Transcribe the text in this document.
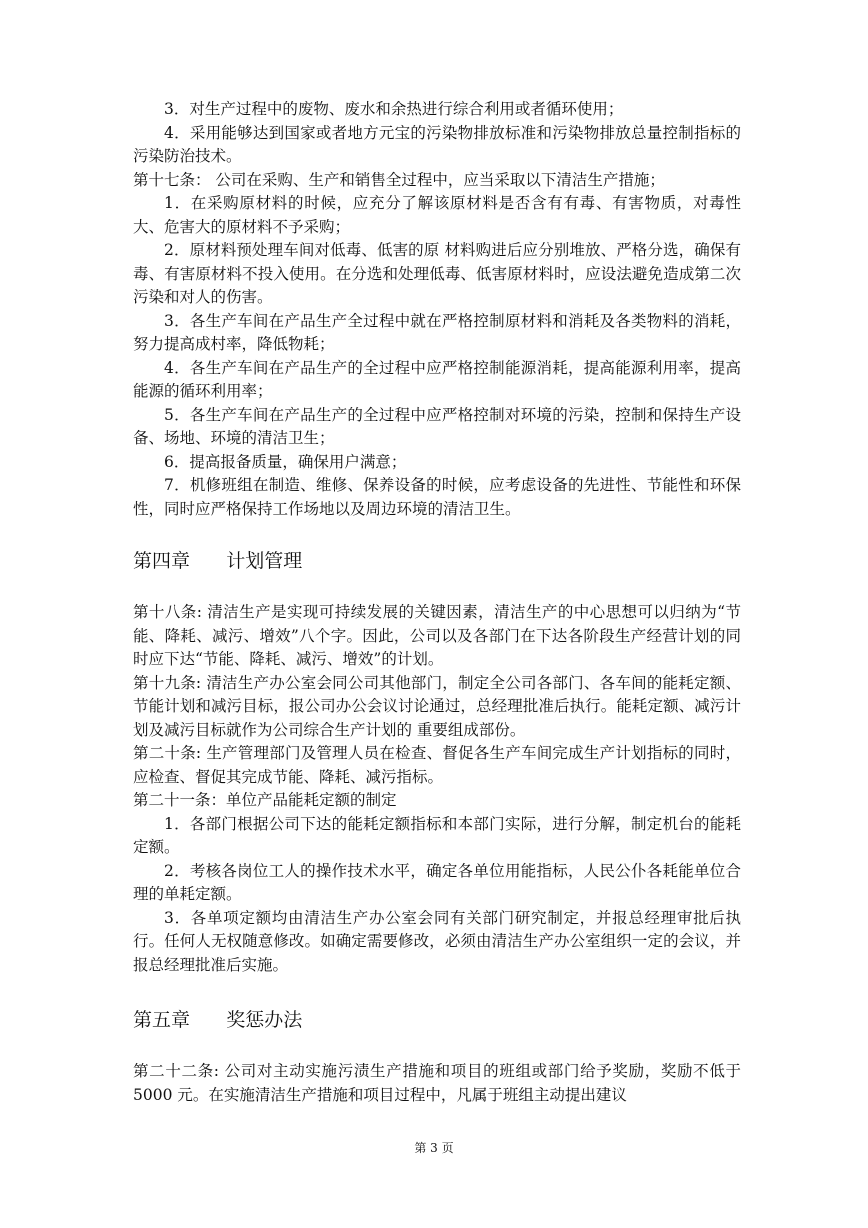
3．对生产过程中的废物、废水和余热进行综合利用或者循环使用；

4．采用能够达到国家或者地方元宝的污染物排放标准和污染物排放总量控制指标的污染防治技术。

第十七条： 公司在采购、生产和销售全过程中，应当采取以下清洁生产措施；

1．在采购原材料的时候，应充分了解该原材料是否含有有毒、有害物质，对毒性大、危害大的原材料不予采购；

2．原材料预处理车间对低毒、低害的原 材料购进后应分别堆放、严格分选，确保有毒、有害原材料不投入使用。在分选和处理低毒、低害原材料时，应设法避免造成第二次污染和对人的伤害。

3．各生产车间在产品生产全过程中就在严格控制原材料和消耗及各类物料的消耗，努力提高成村率，降低物耗；

4．各生产车间在产品生产的全过程中应严格控制能源消耗，提高能源利用率，提高能源的循环利用率；

5．各生产车间在产品生产的全过程中应严格控制对环境的污染，控制和保持生产设备、场地、环境的清洁卫生；

6．提高报备质量，确保用户满意；

7．机修班组在制造、维修、保养设备的时候，应考虑设备的先进性、节能性和环保性，同时应严格保持工作场地以及周边环境的清洁卫生。

第四章      计划管理

第十八条: 清洁生产是实现可持续发展的关键因素，清洁生产的中心思想可以归纳为“节能、降耗、减污、增效”八个字。因此，公司以及各部门在下达各阶段生产经营计划的同时应下达“节能、降耗、减污、增效”的计划。

第十九条: 清洁生产办公室会同公司其他部门，制定全公司各部门、各车间的能耗定额、节能计划和减污目标，报公司办公会议讨论通过，总经理批准后执行。能耗定额、减污计划及减污目标就作为公司综合生产计划的 重要组成部份。

第二十条: 生产管理部门及管理人员在检查、督促各生产车间完成生产计划指标的同时，应检查、督促其完成节能、降耗、减污指标。

第二十一条：单位产品能耗定额的制定

1．各部门根据公司下达的能耗定额指标和本部门实际，进行分解，制定机台的能耗定额。

2．考核各岗位工人的操作技术水平，确定各单位用能指标，人民公仆各耗能单位合理的单耗定额。

3．各单项定额均由清洁生产办公室会同有关部门研究制定，并报总经理审批后执行。任何人无权随意修改。如确定需要修改，必须由清洁生产办公室组织一定的会议，并报总经理批准后实施。

第五章      奖惩办法

第二十二条: 公司对主动实施污渍生产措施和项目的班组或部门给予奖励，奖励不低于 5000 元。在实施清洁生产措施和项目过程中，凡属于班组主动提出建议

第 3 页
